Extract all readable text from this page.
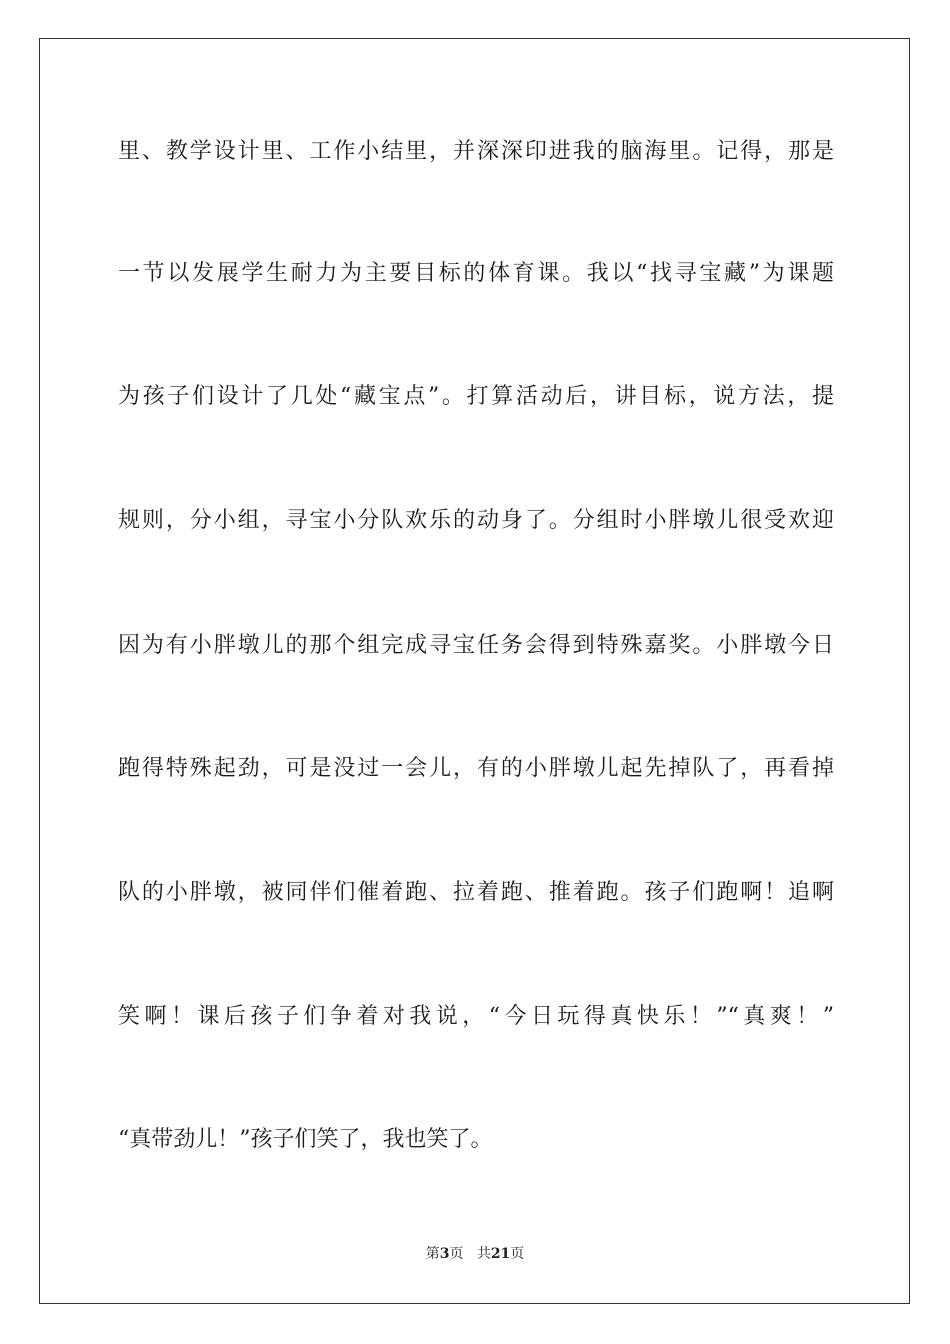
里、教学设计里、工作小结里，并深深印进我的脑海里。记得，那是
一节以发展学生耐力为主要目标的体育课。我以“找寻宝藏”为课题
为孩子们设计了几处“藏宝点”。打算活动后，讲目标，说方法，提
规则，分小组，寻宝小分队欢乐的动身了。分组时小胖墩儿很受欢迎
因为有小胖墩儿的那个组完成寻宝任务会得到特殊嘉奖。小胖墩今日
跑得特殊起劲，可是没过一会儿，有的小胖墩儿起先掉队了，再看掉
队的小胖墩，被同伴们催着跑、拉着跑、推着跑。孩子们跑啊！追啊
笑啊！课后孩子们争着对我说，“今日玩得真快乐！”“真爽！”
“真带劲儿！”孩子们笑了，我也笑了。
第3页 共21页
